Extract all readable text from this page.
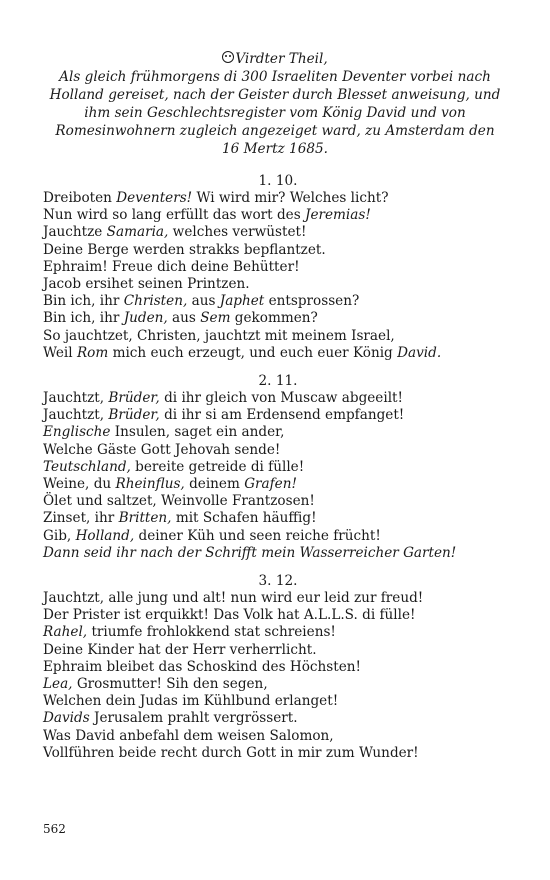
Virdter Theil,
Als gleich frühmorgens di 300 Israeliten Deventer vorbei nach
Holland gereiset, nach der Geister durch Blesset anweisung, und
ihm sein Geschlechtsregister vom König David und von
Romesinwohnern zugleich angezeiget ward, zu Amsterdam den
16 Mertz 1685.
1. 10.
Dreiboten Deventers! Wi wird mir? Welches licht?
Nun wird so lang erfüllt das wort des Jeremias!
Jauchtze Samaria, welches verwüstet!
Deine Berge werden strakks bepflantzet.
Ephraim! Freue dich deine Behütter!
Jacob ersihet seinen Printzen.
Bin ich, ihr Christen, aus Japhet entsprossen?
Bin ich, ihr Juden, aus Sem gekommen?
So jauchtzet, Christen, jauchtzt mit meinem Israel,
Weil Rom mich euch erzeugt, und euch euer König David.
2. 11.
Jauchtzt, Brüder, di ihr gleich von Muscaw abgeeilt!
Jauchtzt, Brüder, di ihr si am Erdensend empfanget!
Englische Insulen, saget ein ander,
Welche Gäste Gott Jehovah sende!
Teutschland, bereite getreide di fülle!
Weine, du Rheinflus, deinem Grafen!
Ölet und saltzet, Weinvolle Frantzosen!
Zinset, ihr Britten, mit Schafen häuffig!
Gib, Holland, deiner Küh und seen reiche frücht!
Dann seid ihr nach der Schrifft mein Wasserreicher Garten!
3. 12.
Jauchtzt, alle jung und alt! nun wird eur leid zur freud!
Der Prister ist erquikkt! Das Volk hat A.L.L.S. di fülle!
Rahel, triumfe frohlokkend stat schreiens!
Deine Kinder hat der Herr verherrlicht.
Ephraim bleibet das Schoskind des Höchsten!
Lea, Grosmutter! Sih den segen,
Welchen dein Judas im Kühlbund erlanget!
Davids Jerusalem prahlt vergrössert.
Was David anbefahl dem weisen Salomon,
Vollführen beide recht durch Gott in mir zum Wunder!
562
